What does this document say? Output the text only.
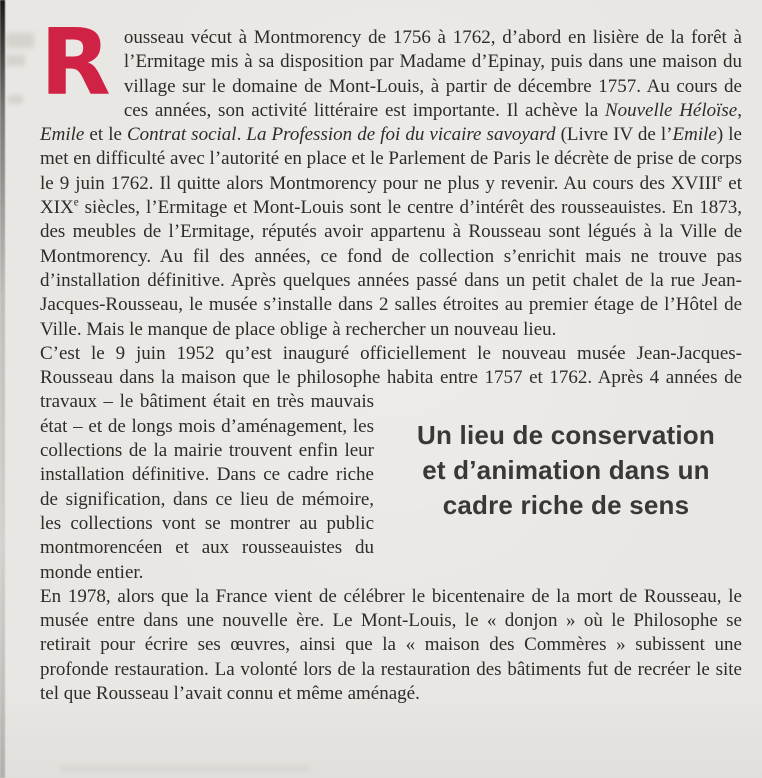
Rousseau vécut à Montmorency de 1756 à 1762, d’abord en lisière de la forêt à l’Ermitage mis à sa disposition par Madame d’Epinay, puis dans une maison du village sur le domaine de Mont-Louis, à partir de décembre 1757. Au cours de ces années, son activité littéraire est importante. Il achève la Nouvelle Héloïse, Emile et le Contrat social. La Profession de foi du vicaire savoyard (Livre IV de l’Emile) le met en difficulté avec l’autorité en place et le Parlement de Paris le décrète de prise de corps le 9 juin 1762. Il quitte alors Montmorency pour ne plus y revenir. Au cours des XVIIIe et XIXe siècles, l’Ermitage et Mont-Louis sont le centre d’intérêt des rousseauistes. En 1873, des meubles de l’Ermitage, réputés avoir appartenu à Rousseau sont légués à la Ville de Montmorency. Au fil des années, ce fond de collection s’enrichit mais ne trouve pas d’installation définitive. Après quelques années passé dans un petit chalet de la rue Jean-Jacques-Rousseau, le musée s’installe dans 2 salles étroites au premier étage de l’Hôtel de Ville. Mais le manque de place oblige à rechercher un nouveau lieu.

C’est le 9 juin 1952 qu’est inauguré officiellement le nouveau musée Jean-Jacques-Rousseau dans la maison que le philosophe habita entre 1757 et 1762. Après 4 années de travaux –
Un lieu de conservation
et d’animation dans un
cadre riche de sens
le bâtiment était en très mauvais état – et de longs mois d’aménagement, les collections de la mairie trouvent enfin leur installation définitive. Dans ce cadre riche de signification, dans ce lieu de mémoire, les collections vont se montrer au public montmorencéen et aux rousseauistes du monde entier.

En 1978, alors que la France vient de célébrer le bicentenaire de la mort de Rousseau, le musée entre dans une nouvelle ère. Le Mont-Louis, le « donjon » où le Philosophe se retirait pour écrire ses œuvres, ainsi que la « maison des Commères » subissent une profonde restauration. La volonté lors de la restauration des bâtiments fut de recréer le site tel que Rousseau l’avait connu et même aménagé.
